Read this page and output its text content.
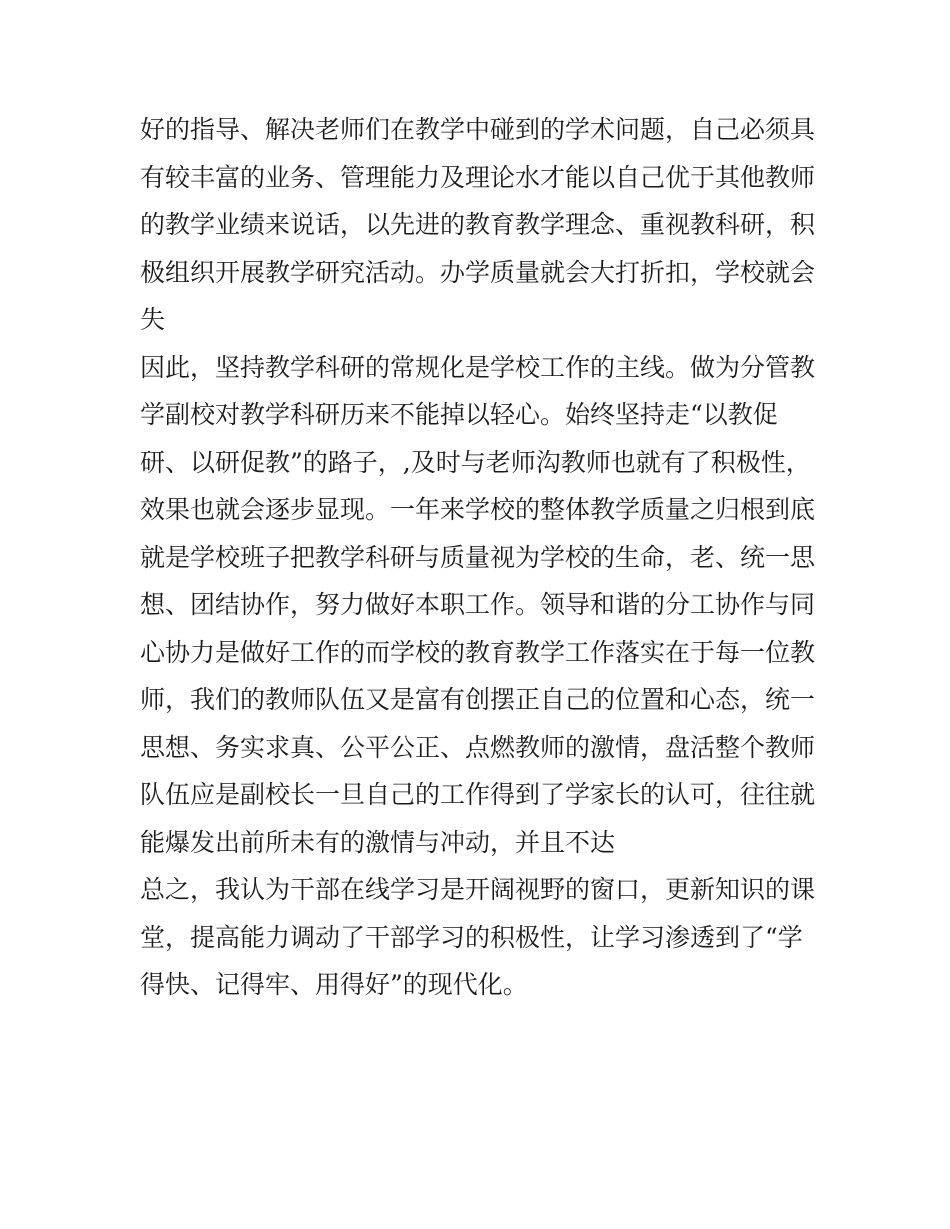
好的指导、解决老师们在教学中碰到的学术问题，自己必须具
有较丰富的业务、管理能力及理论水才能以自己优于其他教师
的教学业绩来说话，以先进的教育教学理念、重视教科研，积
极组织开展教学研究活动。办学质量就会大打折扣，学校就会
失
因此，坚持教学科研的常规化是学校工作的主线。做为分管教
学副校对教学科研历来不能掉以轻心。始终坚持走“以教促
研、以研促教”的路子，,及时与老师沟教师也就有了积极性，
效果也就会逐步显现。一年来学校的整体教学质量之归根到底
就是学校班子把教学科研与质量视为学校的生命，老、统一思
想、团结协作，努力做好本职工作。领导和谐的分工协作与同
心协力是做好工作的而学校的教育教学工作落实在于每一位教
师，我们的教师队伍又是富有创摆正自己的位置和心态，统一
思想、务实求真、公平公正、点燃教师的激情，盘活整个教师
队伍应是副校长一旦自己的工作得到了学家长的认可，往往就
能爆发出前所未有的激情与冲动，并且不达
总之，我认为干部在线学习是开阔视野的窗口，更新知识的课
堂，提高能力调动了干部学习的积极性，让学习渗透到了“学
得快、记得牢、用得好”的现代化。
